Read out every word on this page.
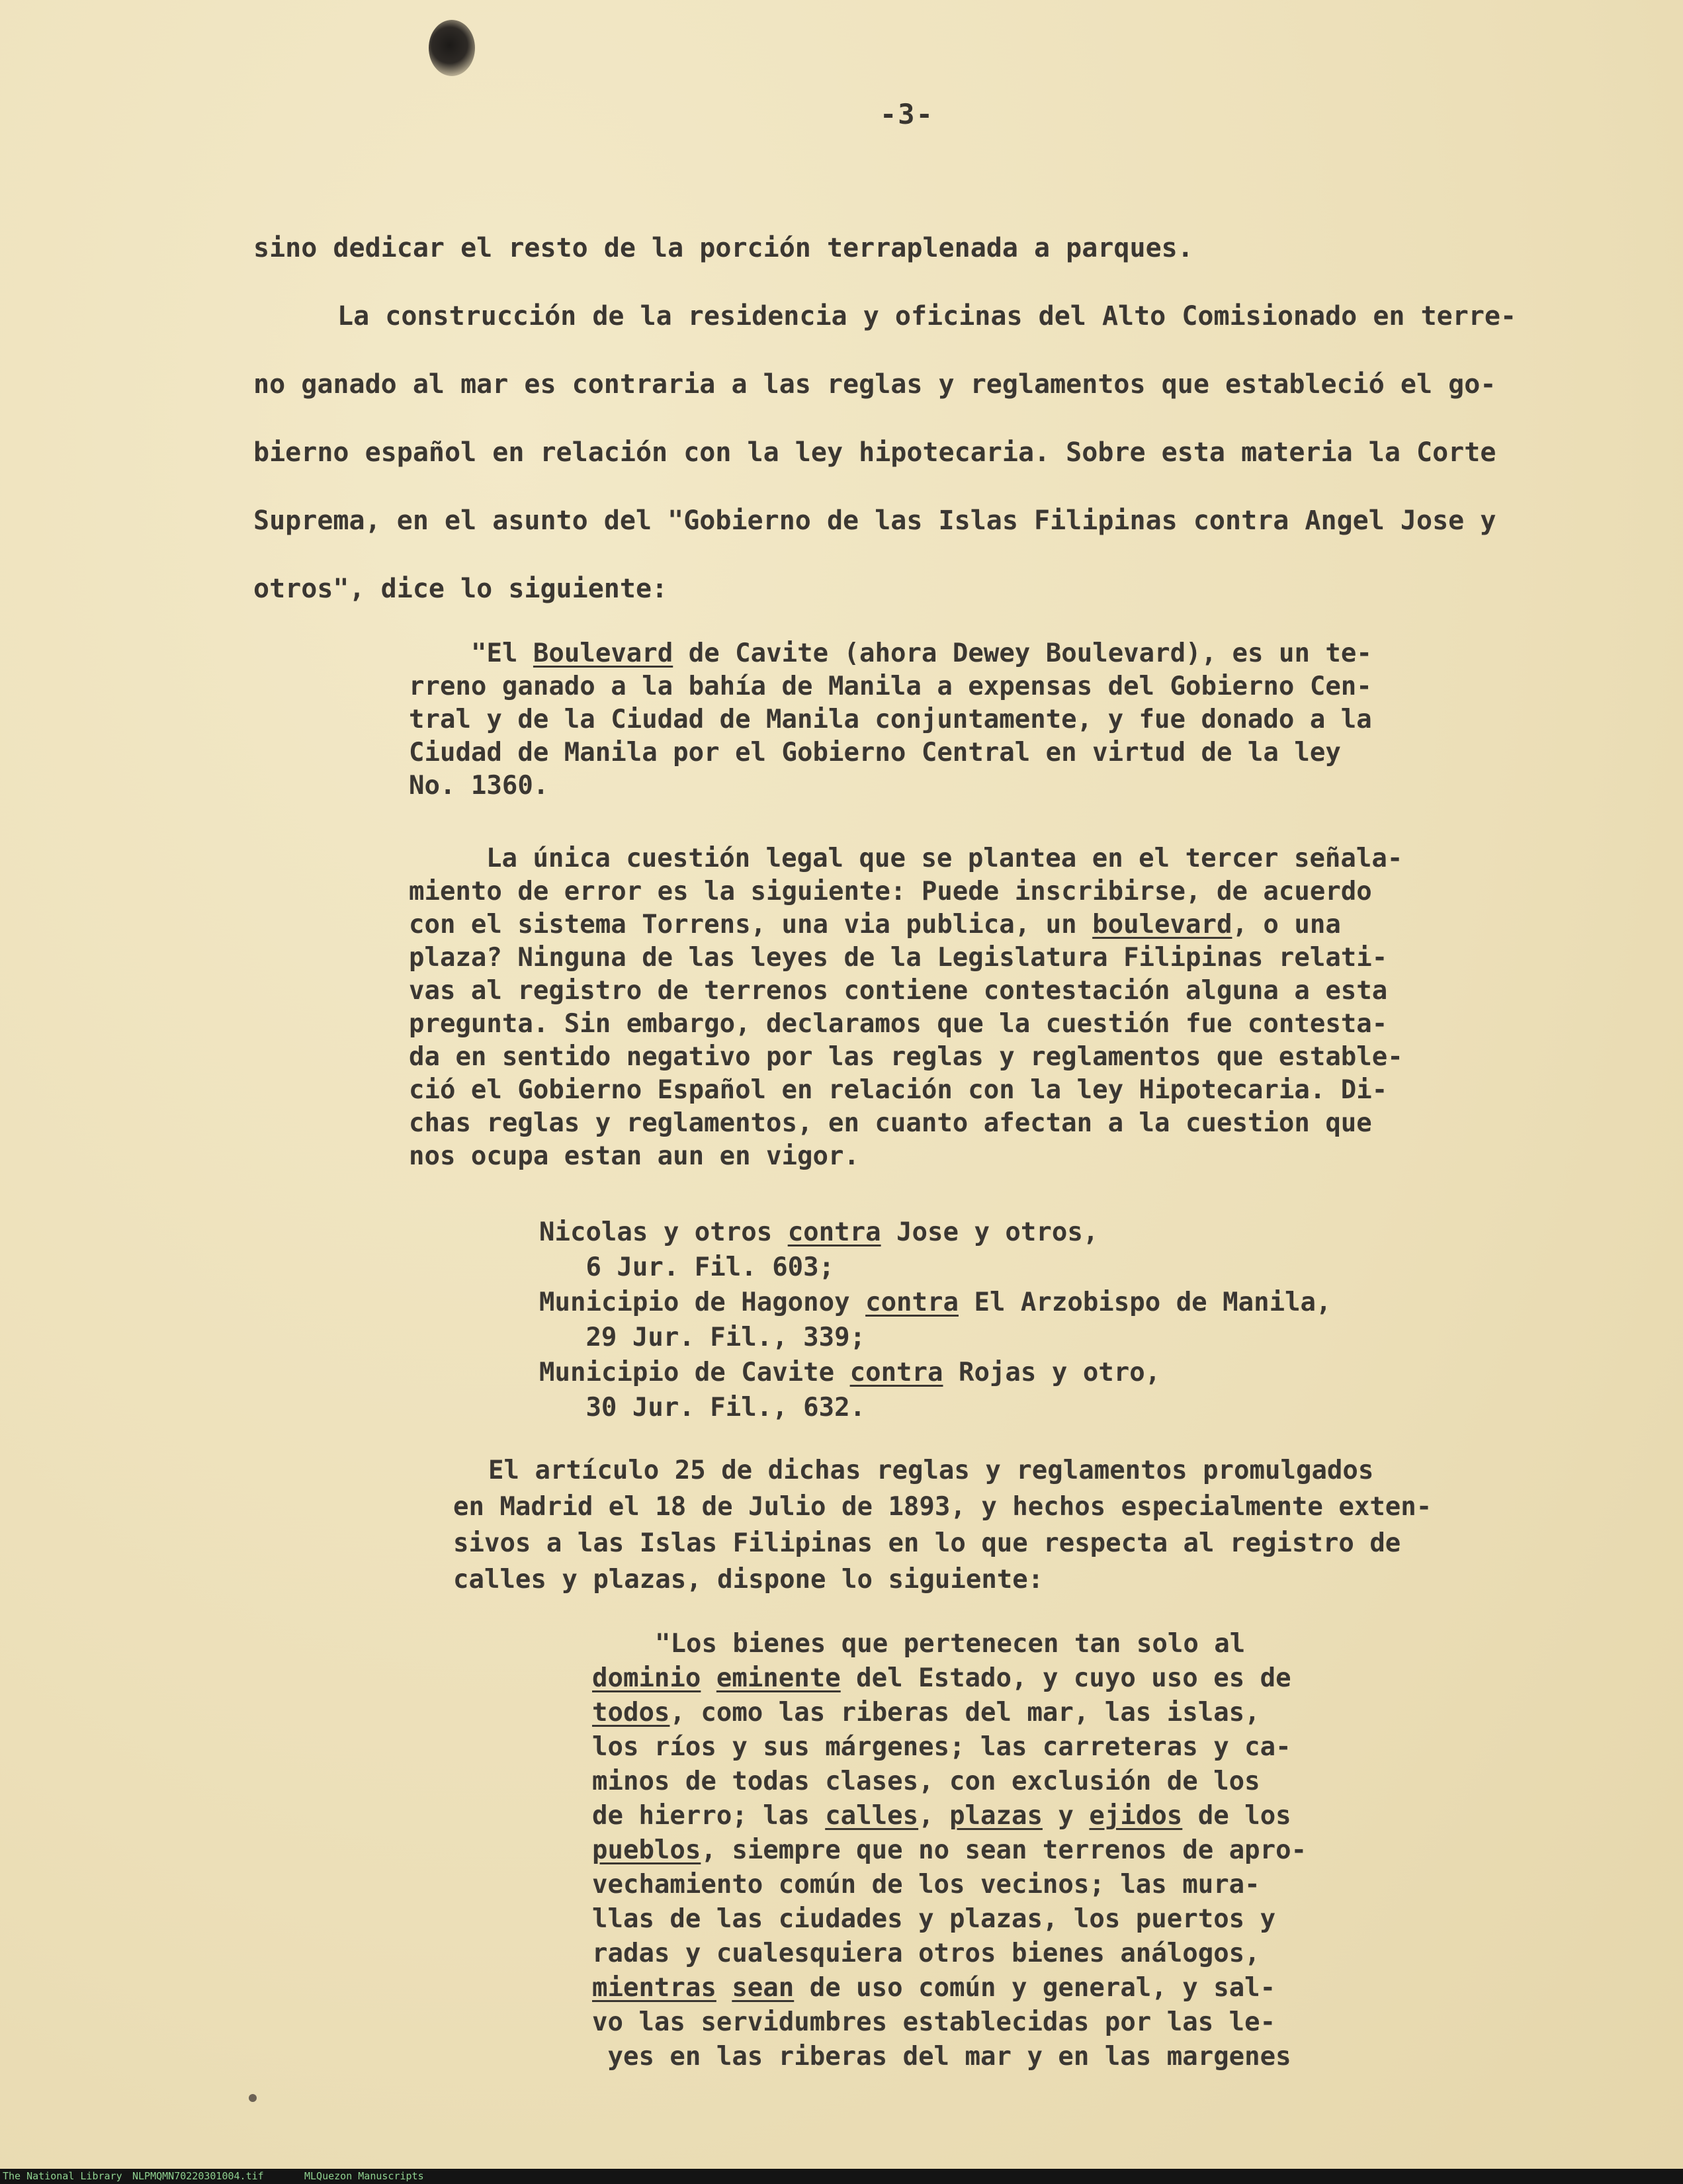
-3-
sino dedicar el resto de la porción terraplenada a parques.
La construcción de la residencia y oficinas del Alto Comisionado en terre-
no ganado al mar es contraria a las reglas y reglamentos que estableció el go-
bierno español en relación con la ley hipotecaria. Sobre esta materia la Corte
Suprema, en el asunto del "Gobierno de las Islas Filipinas contra Angel Jose y
otros", dice lo siguiente:
"El Boulevard de Cavite (ahora Dewey Boulevard), es un te-
rreno ganado a la bahía de Manila a expensas del Gobierno Cen-
tral y de la Ciudad de Manila conjuntamente, y fue donado a la
Ciudad de Manila por el Gobierno Central en virtud de la ley
No. 1360.
La única cuestión legal que se plantea en el tercer señala-
miento de error es la siguiente: Puede inscribirse, de acuerdo
con el sistema Torrens, una via publica, un boulevard, o una
plaza? Ninguna de las leyes de la Legislatura Filipinas relati-
vas al registro de terrenos contiene contestación alguna a esta
pregunta. Sin embargo, declaramos que la cuestión fue contesta-
da en sentido negativo por las reglas y reglamentos que estable-
ció el Gobierno Español en relación con la ley Hipotecaria. Di-
chas reglas y reglamentos, en cuanto afectan a la cuestion que
nos ocupa estan aun en vigor.
Nicolas y otros contra Jose y otros,
6 Jur. Fil. 603;
Municipio de Hagonoy contra El Arzobispo de Manila,
29 Jur. Fil., 339;
Municipio de Cavite contra Rojas y otro,
30 Jur. Fil., 632.
El artículo 25 de dichas reglas y reglamentos promulgados
en Madrid el 18 de Julio de 1893, y hechos especialmente exten-
sivos a las Islas Filipinas en lo que respecta al registro de
calles y plazas, dispone lo siguiente:
"Los bienes que pertenecen tan solo al
dominio eminente del Estado, y cuyo uso es de
todos, como las riberas del mar, las islas,
los ríos y sus márgenes; las carreteras y ca-
minos de todas clases, con exclusión de los
de hierro; las calles, plazas y ejidos de los
pueblos, siempre que no sean terrenos de apro-
vechamiento común de los vecinos; las mura-
llas de las ciudades y plazas, los puertos y
radas y cualesquiera otros bienes análogos,
mientras sean de uso común y general, y sal-
vo las servidumbres establecidas por las le-
yes en las riberas del mar y en las margenes
The National Library NLPMQMN70220301004.tif	MLQuezon Manuscripts
